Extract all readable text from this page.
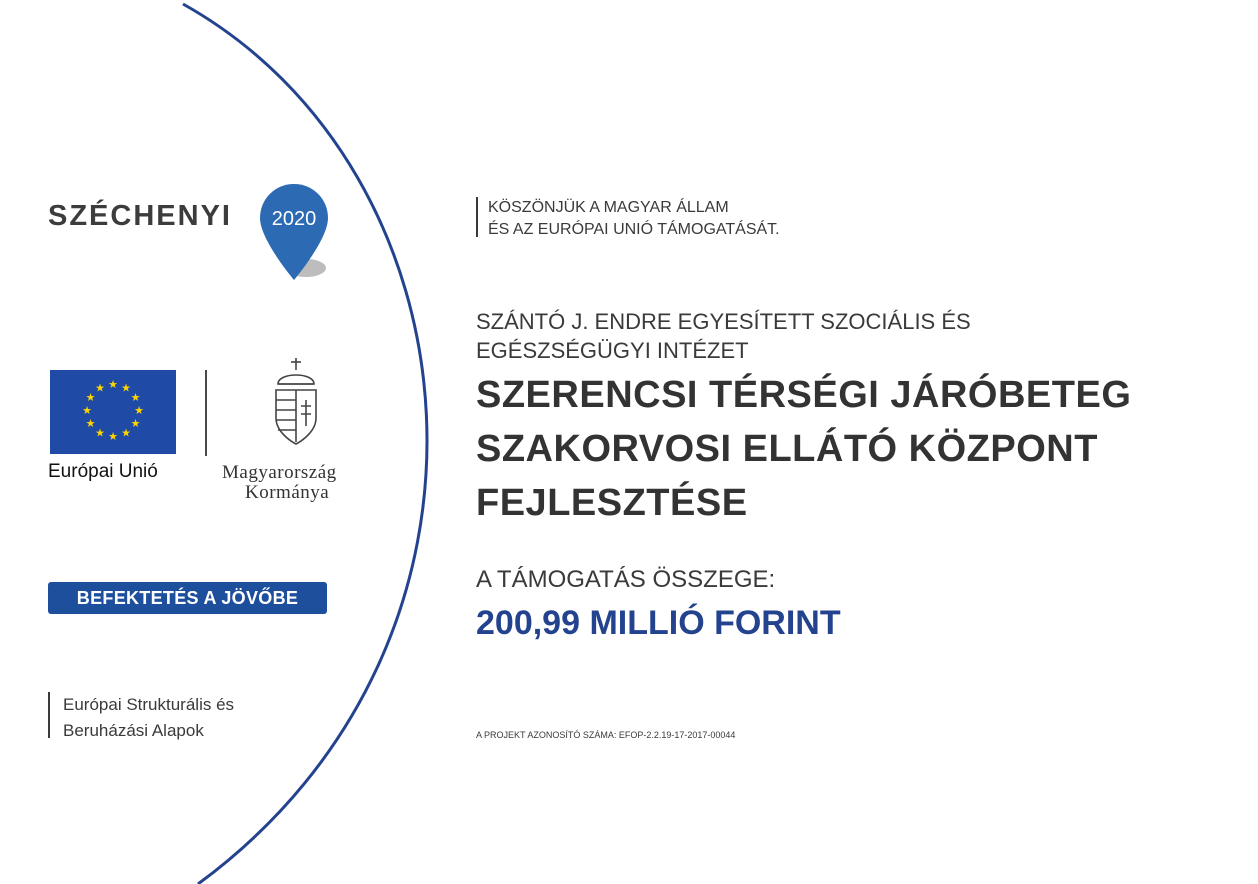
SZÉCHENYI 2020
★ ★
★
★
★
★
★
★
★
★
★
★
Európai Unió	Magyarország
Kormánya
BEFEKTETÉS A JÖVŐBE
Európai Strukturális és
Beruházási Alapok
KÖSZÖNJÜK A MAGYAR ÁLLAM
ÉS AZ EURÓPAI UNIÓ TÁMOGATÁSÁT.
SZÁNTÓ J. ENDRE EGYESÍTETT SZOCIÁLIS ÉS
EGÉSZSÉGÜGYI INTÉZET
SZERENCSI TÉRSÉGI JÁRÓBETEG
SZAKORVOSI ELLÁTÓ KÖZPONT
FEJLESZTÉSE
A TÁMOGATÁS ÖSSZEGE:
200,99 MILLIÓ FORINT
A PROJEKT AZONOSÍTÓ SZÁMA: EFOP-2.2.19-17-2017-00044
